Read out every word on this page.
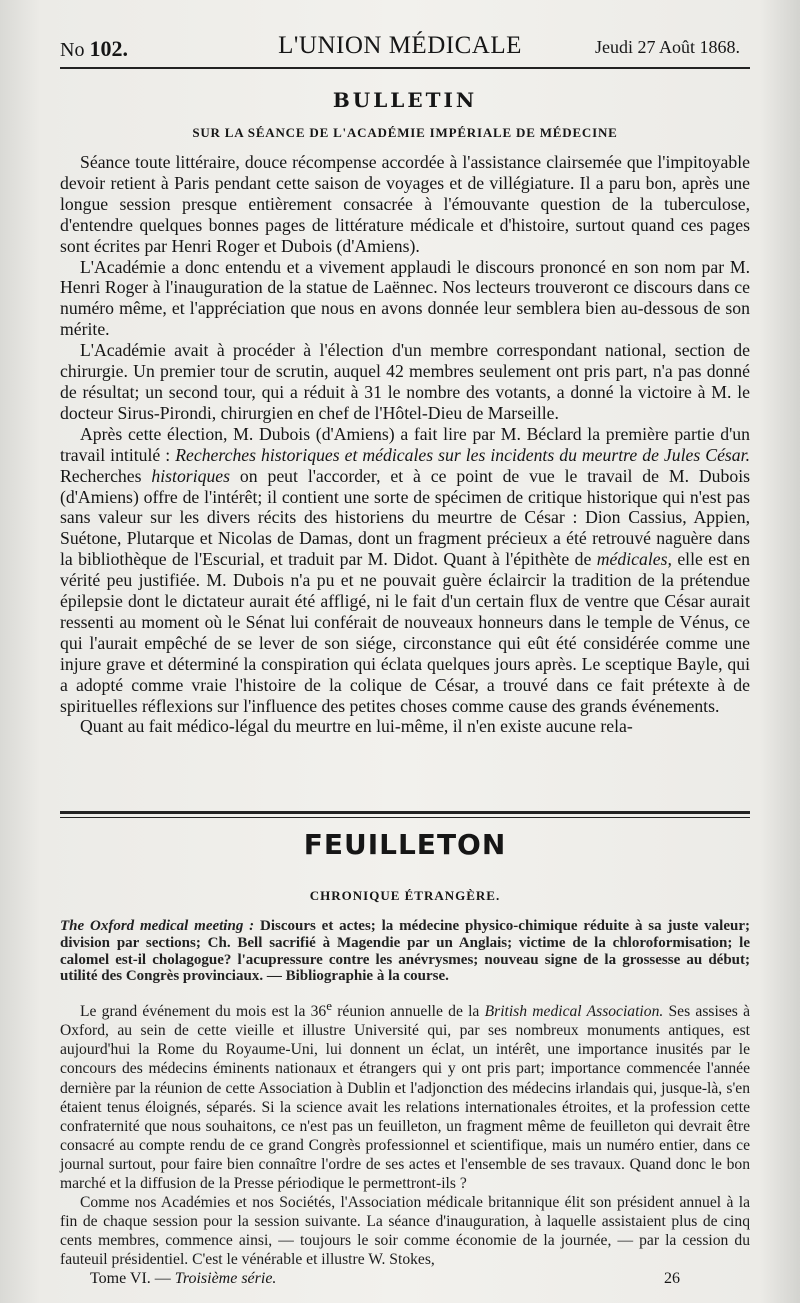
No 102.	L'UNION MÉDICALE	Jeudi 27 Août 1868.
BULLETIN
SUR LA SÉANCE DE L'ACADÉMIE IMPÉRIALE DE MÉDECINE

Séance toute littéraire, douce récompense accordée à l'assistance clairsemée que l'impitoyable devoir retient à Paris pendant cette saison de voyages et de villégiature. Il a paru bon, après une longue session presque entièrement consacrée à l'émouvante question de la tuberculose, d'entendre quelques bonnes pages de littérature médicale et d'histoire, surtout quand ces pages sont écrites par Henri Roger et Dubois (d'Amiens).

L'Académie a donc entendu et a vivement applaudi le discours prononcé en son nom par M. Henri Roger à l'inauguration de la statue de Laënnec. Nos lecteurs trouveront ce discours dans ce numéro même, et l'appréciation que nous en avons donnée leur semblera bien au-dessous de son mérite.

L'Académie avait à procéder à l'élection d'un membre correspondant national, section de chirurgie. Un premier tour de scrutin, auquel 42 membres seulement ont pris part, n'a pas donné de résultat; un second tour, qui a réduit à 31 le nombre des votants, a donné la victoire à M. le docteur Sirus-Pirondi, chirurgien en chef de l'Hôtel-Dieu de Marseille.

Après cette élection, M. Dubois (d'Amiens) a fait lire par M. Béclard la première partie d'un travail intitulé : Recherches historiques et médicales sur les incidents du meurtre de Jules César. Recherches historiques on peut l'accorder, et à ce point de vue le travail de M. Dubois (d'Amiens) offre de l'intérêt; il contient une sorte de spécimen de critique historique qui n'est pas sans valeur sur les divers récits des historiens du meurtre de César : Dion Cassius, Appien, Suétone, Plutarque et Nicolas de Damas, dont un fragment précieux a été retrouvé naguère dans la bibliothèque de l'Escurial, et traduit par M. Didot. Quant à l'épithète de médicales, elle est en vérité peu justifiée. M. Dubois n'a pu et ne pouvait guère éclaircir la tradition de la prétendue épilepsie dont le dictateur aurait été affligé, ni le fait d'un certain flux de ventre que César aurait ressenti au moment où le Sénat lui conférait de nouveaux honneurs dans le temple de Vénus, ce qui l'aurait empêché de se lever de son siége, circonstance qui eût été considérée comme une injure grave et déterminé la conspiration qui éclata quelques jours après. Le sceptique Bayle, qui a adopté comme vraie l'histoire de la colique de César, a trouvé dans ce fait prétexte à de spirituelles réflexions sur l'influence des petites choses comme cause des grands événements.

Quant au fait médico-légal du meurtre en lui-même, il n'en existe aucune rela-

FEUILLETON
CHRONIQUE ÉTRANGÈRE.
The Oxford medical meeting : Discours et actes; la médecine physico-chimique réduite à sa juste valeur; division par sections; Ch. Bell sacrifié à Magendie par un Anglais; victime de la chloroformisation; le calomel est-il cholagogue? l'acupressure contre les anévrysmes; nouveau signe de la grossesse au début; utilité des Congrès provinciaux. — Bibliographie à la course.

Le grand événement du mois est la 36e réunion annuelle de la British medical Association. Ses assises à Oxford, au sein de cette vieille et illustre Université qui, par ses nombreux monuments antiques, est aujourd'hui la Rome du Royaume-Uni, lui donnent un éclat, un intérêt, une importance inusités par le concours des médecins éminents nationaux et étrangers qui y ont pris part; importance commencée l'année dernière par la réunion de cette Association à Dublin et l'adjonction des médecins irlandais qui, jusque-là, s'en étaient tenus éloignés, séparés. Si la science avait les relations internationales étroites, et la profession cette confraternité que nous souhaitons, ce n'est pas un feuilleton, un fragment même de feuilleton qui devrait être consacré au compte rendu de ce grand Congrès professionnel et scientifique, mais un numéro entier, dans ce journal surtout, pour faire bien connaître l'ordre de ses actes et l'ensemble de ses travaux. Quand donc le bon marché et la diffusion de la Presse périodique le permettront-ils ?

Comme nos Académies et nos Sociétés, l'Association médicale britannique élit son président annuel à la fin de chaque session pour la session suivante. La séance d'inauguration, à laquelle assistaient plus de cinq cents membres, commence ainsi, — toujours le soir comme économie de la journée, — par la cession du fauteuil présidentiel. C'est le vénérable et illustre W. Stokes,

Tome VI. — Troisième série.	26
